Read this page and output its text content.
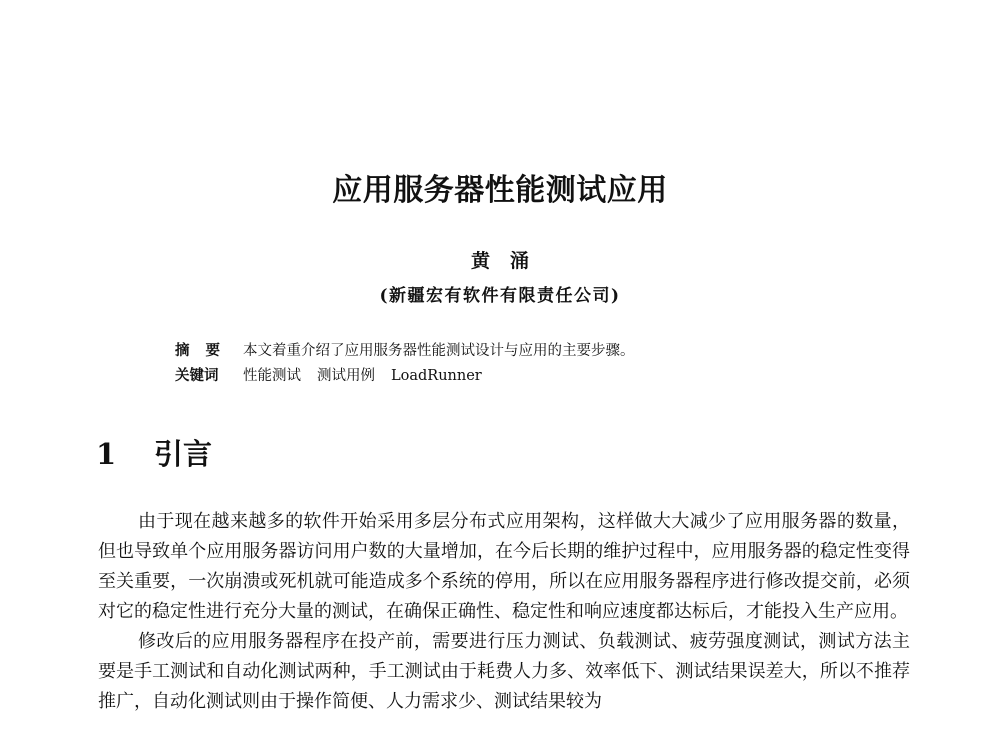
应用服务器性能测试应用
黄涌
(新疆宏有软件有限责任公司)
摘要 本文着重介绍了应用服务器性能测试设计与应用的主要步骤。
关键词 性能测试 测试用例 LoadRunner
1 引言

由于现在越来越多的软件开始采用多层分布式应用架构，这样做大大减少了应用服务器的数量，但也导致单个应用服务器访问用户数的大量增加，在今后长期的维护过程中，应用服务器的稳定性变得至关重要，一次崩溃或死机就可能造成多个系统的停用，所以在应用服务器程序进行修改提交前，必须对它的稳定性进行充分大量的测试，在确保正确性、稳定性和响应速度都达标后，才能投入生产应用。

修改后的应用服务器程序在投产前，需要进行压力测试、负载测试、疲劳强度测试，测试方法主要是手工测试和自动化测试两种，手工测试由于耗费人力多、效率低下、测试结果误差大，所以不推荐推广，自动化测试则由于操作简便、人力需求少、测试结果较为
